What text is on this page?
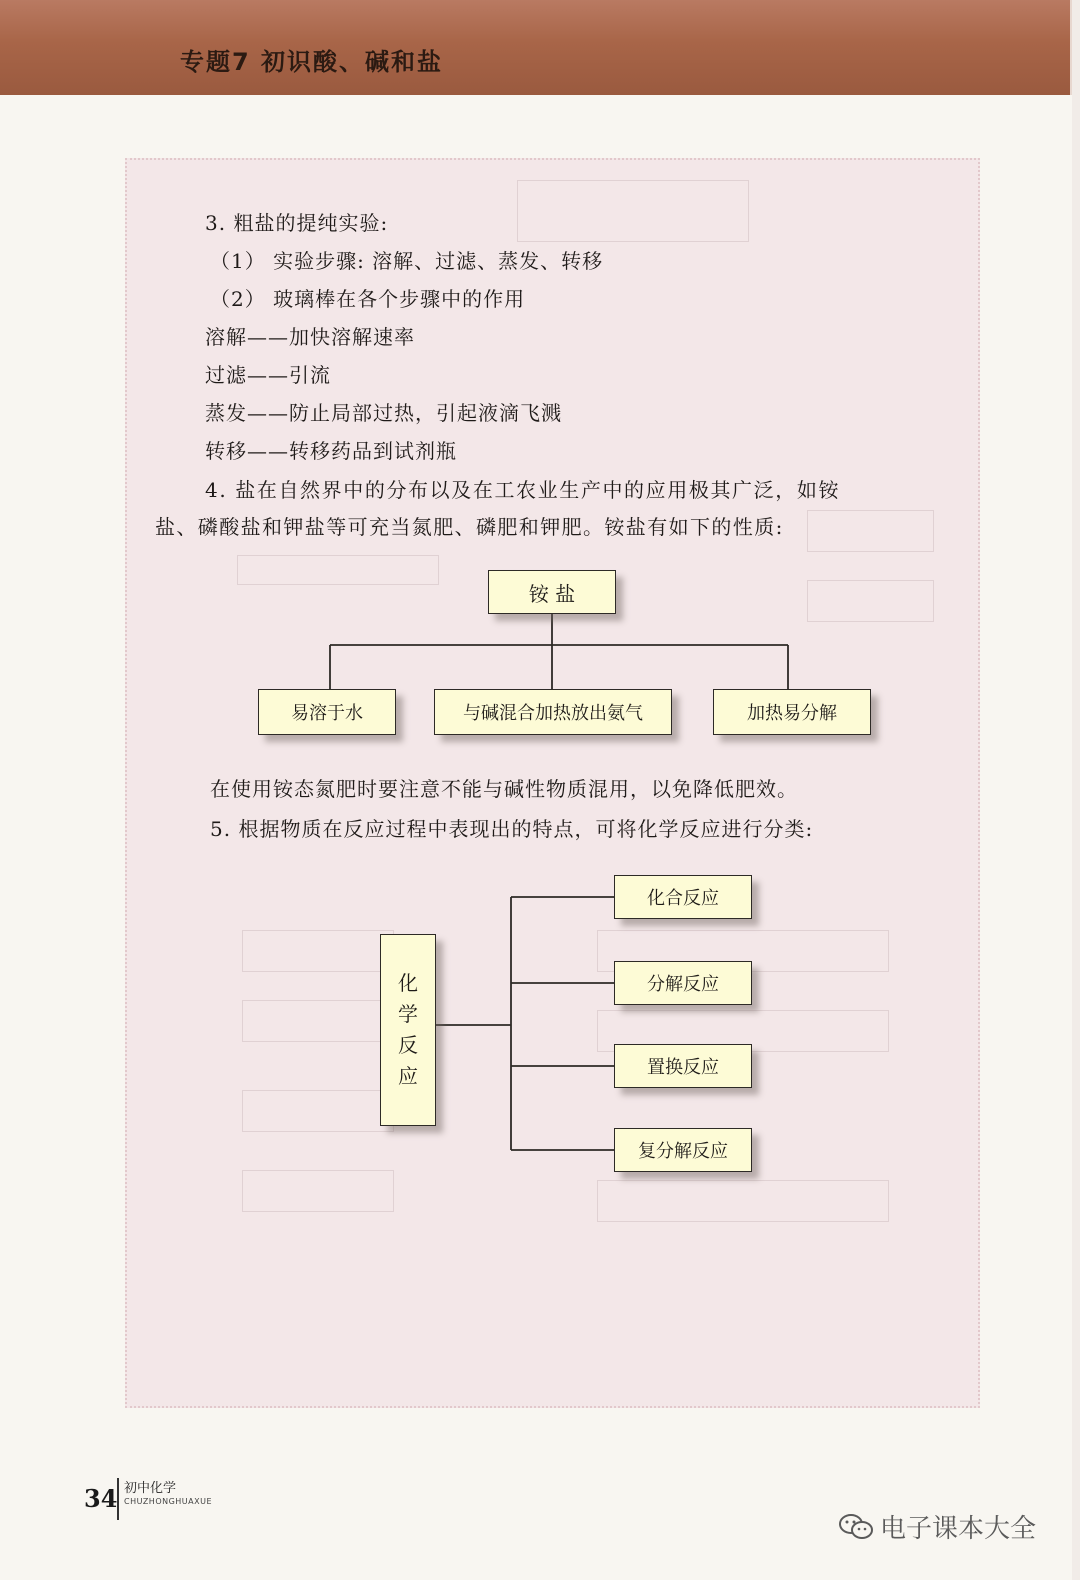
专题7 初识酸、碱和盐
3. 粗盐的提纯实验:
（1） 实验步骤: 溶解、过滤、蒸发、转移
（2） 玻璃棒在各个步骤中的作用
溶解——加快溶解速率
过滤——引流
蒸发——防止局部过热，引起液滴飞溅
转移——转移药品到试剂瓶
4. 盐在自然界中的分布以及在工农业生产中的应用极其广泛，如铵
盐、磷酸盐和钾盐等可充当氮肥、磷肥和钾肥。铵盐有如下的性质:
在使用铵态氮肥时要注意不能与碱性物质混用，以免降低肥效。
5. 根据物质在反应过程中表现出的特点，可将化学反应进行分类:
铵 盐
易溶于水	与碱混合加热放出氨气	加热易分解
化
学
反
应
化合反应
分解反应
置换反应
复分解反应
34 初中化学
CHUZHONGHUAXUE
电子课本大全
